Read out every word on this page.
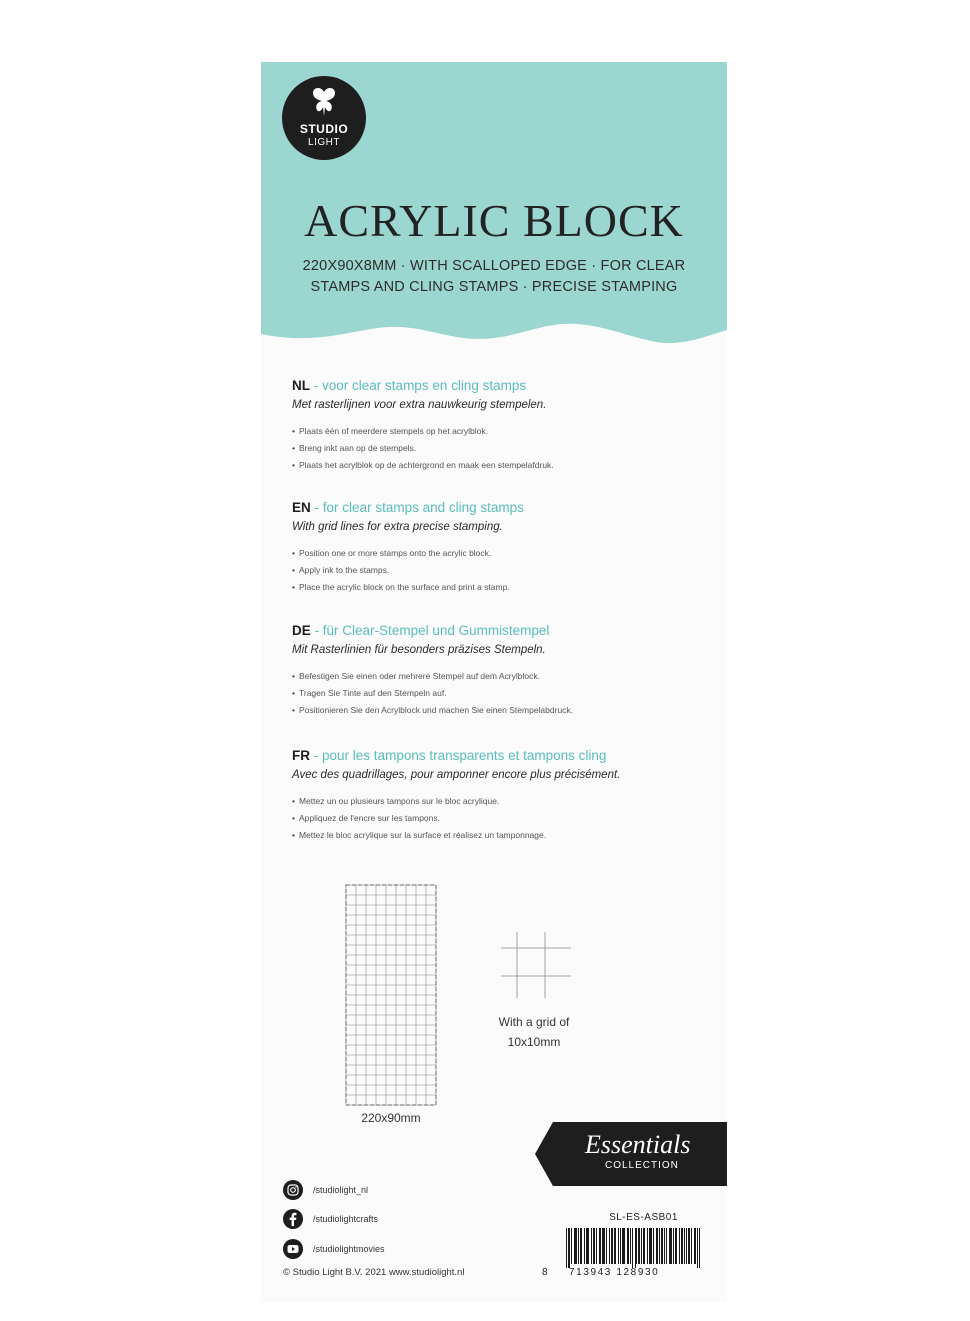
STUDIO
LIGHT
ACRYLIC BLOCK
220X90X8MM · WITH SCALLOPED EDGE · FOR CLEAR
STAMPS AND CLING STAMPS · PRECISE STAMPING
NL - voor clear stamps en cling stamps
Met rasterlijnen voor extra nauwkeurig stempelen.
• Plaats één of meerdere stempels op het acrylblok.
• Breng inkt aan op de stempels.
• Plaats het acrylblok op de achtergrond en maak een stempelafdruk.
EN - for clear stamps and cling stamps
With grid lines for extra precise stamping.
• Position one or more stamps onto the acrylic block.
• Apply ink to the stamps.
• Place the acrylic block on the surface and print a stamp.
DE - für Clear-Stempel und Gummistempel
Mit Rasterlinien für besonders präzises Stempeln.
• Befestigen Sie einen oder mehrere Stempel auf dem Acrylblock.
• Tragen Sie Tinte auf den Stempeln auf.
• Positionieren Sie den Acrylblock und machen Sie einen Stempelabdruck.
FR - pour les tampons transparents et tampons cling
Avec des quadrillages, pour amponner encore plus précisément.
• Mettez un ou plusieurs tampons sur le bloc acrylique.
• Appliquez de l'encre sur les tampons.
• Mettez le bloc acrylique sur la surface et réalisez un tamponnage.
220x90mm
With a grid of
10x10mm
Essentials
COLLECTION
/studiolight_nl
/studiolightcrafts
/studiolightmovies
© Studio Light B.V. 2021 www.studiolight.nl
SL-ES-ASB01
8 713943 128930
